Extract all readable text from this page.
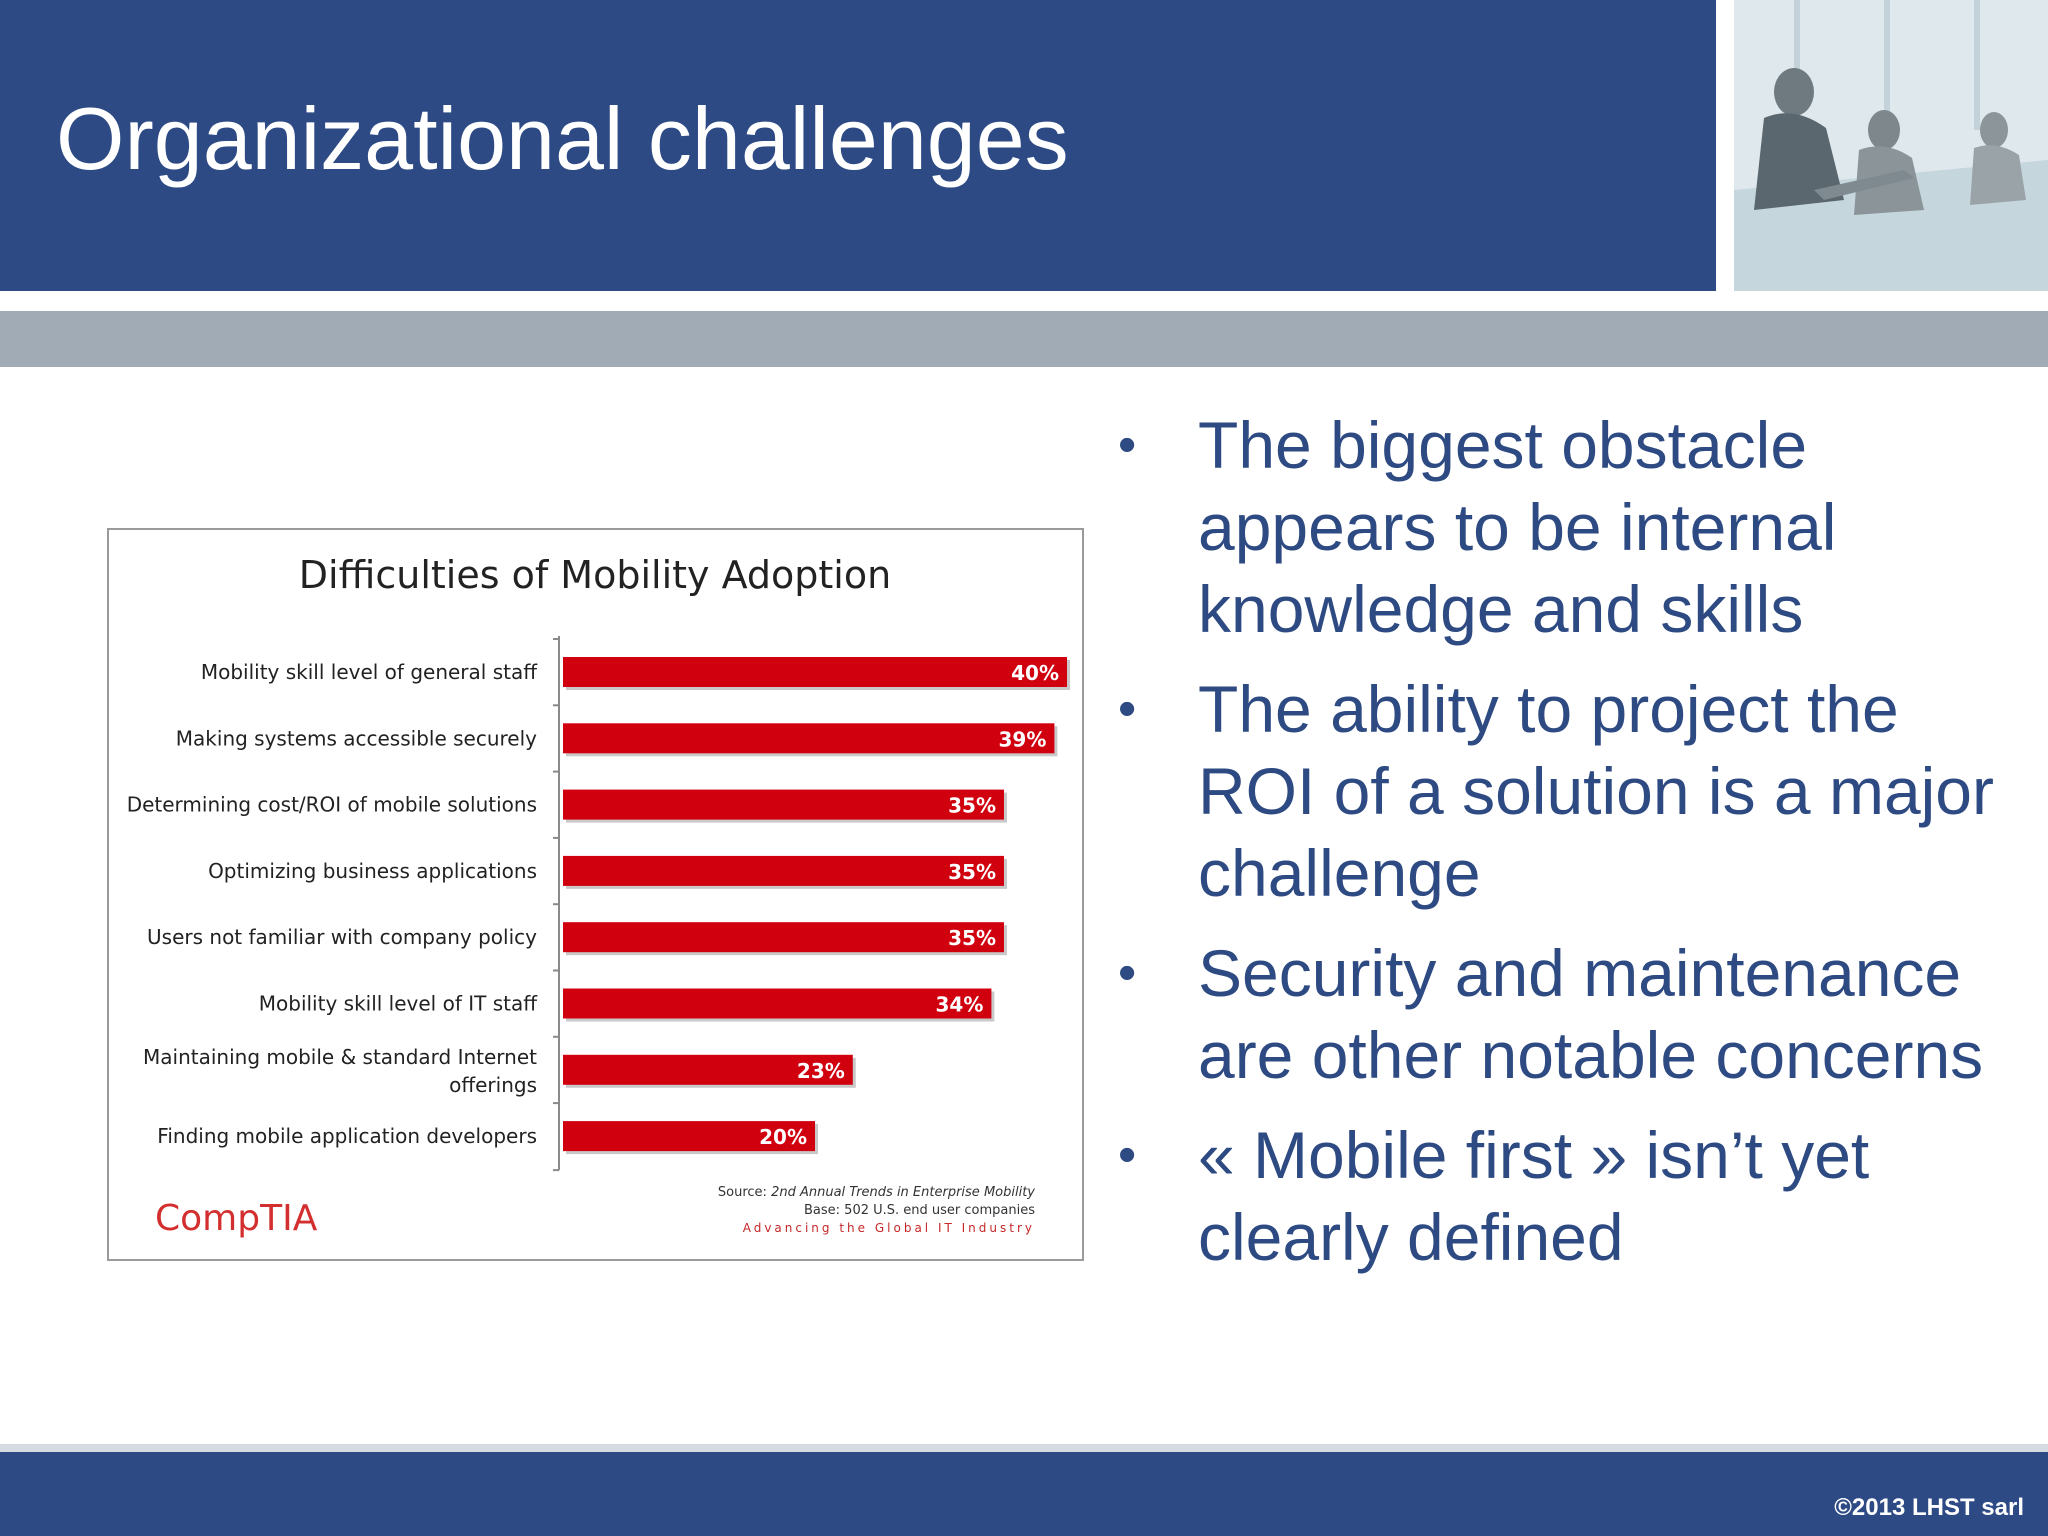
Organizational challenges
Difficulties of Mobility Adoption
40%
39%
35%
35%
35%
34%
23%
20%
Mobility skill level of general staff
Making systems accessible securely
Determining cost/ROI of mobile solutions
Optimizing business applications
Users not familiar with company policy
Mobility skill level of IT staff
Maintaining mobile & standard Internet offerings
Finding mobile application developers
CompTIA
Source: 2nd Annual Trends in Enterprise Mobility
Base: 502 U.S. end user companies
Advancing the Global IT Industry
• The biggest obstacle appears to be internal knowledge and skills
• The ability to project the ROI of a solution is a major challenge
• Security and maintenance are other notable concerns
• « Mobile first » isn’t yet clearly defined
©2013 LHST sarl
